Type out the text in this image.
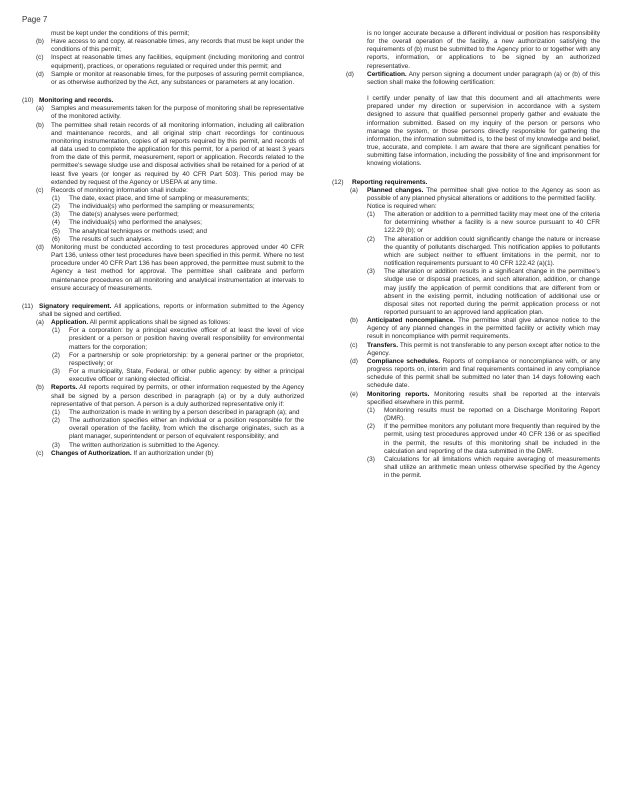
Page 7
must be kept under the conditions of this permit;
(b) Have access to and copy, at reasonable times, any records that must be kept under the conditions of this permit;
(c) Inspect at reasonable times any facilities, equipment (including monitoring and control equipment), practices, or operations regulated or required under this permit; and
(d) Sample or monitor at reasonable times, for the purposes of assuring permit compliance, or as otherwise authorized by the Act, any substances or parameters at any location.
(10) Monitoring and records.
(a) Samples and measurements taken for the purpose of monitoring shall be representative of the monitored activity.
(b) The permittee shall retain records of all monitoring information, including all calibration and maintenance records, and all original strip chart recordings for continuous monitoring instrumentation, copies of all reports required by this permit, and records of all data used to complete the application for this permit, for a period of at least 3 years from the date of this permit, measurement, report or application. Records related to the permittee's sewage sludge use and disposal activities shall be retained for a period of at least five years (or longer as required by 40 CFR Part 503). This period may be extended by request of the Agency or USEPA at any time.
(c) Records of monitoring information shall include:
(1) The date, exact place, and time of sampling or measurements;
(2) The individual(s) who performed the sampling or measurements;
(3) The date(s) analyses were performed;
(4) The individual(s) who performed the analyses;
(5) The analytical techniques or methods used; and
(6) The results of such analyses.
(d) Monitoring must be conducted according to test procedures approved under 40 CFR Part 136, unless other test procedures have been specified in this permit. Where no test procedure under 40 CFR Part 136 has been approved, the permittee must submit to the Agency a test method for approval. The permittee shall calibrate and perform maintenance procedures on all monitoring and analytical instrumentation at intervals to ensure accuracy of measurements.
(11) Signatory requirement. All applications, reports or information submitted to the Agency shall be signed and certified.
(a) Application. All permit applications shall be signed as follows:
(1) For a corporation: by a principal executive officer of at least the level of vice president or a person or position having overall responsibility for environmental matters for the corporation;
(2) For a partnership or sole proprietorship: by a general partner or the proprietor, respectively; or
(3) For a municipality, State, Federal, or other public agency: by either a principal executive officer or ranking elected official.
(b) Reports. All reports required by permits, or other information requested by the Agency shall be signed by a person described in paragraph (a) or by a duly authorized representative of that person. A person is a duly authorized representative only if:
(1) The authorization is made in writing by a person described in paragraph (a); and
(2) The authorization specifies either an individual or a position responsible for the overall operation of the facility, from which the discharge originates, such as a plant manager, superintendent or person of equivalent responsibility; and
(3) The written authorization is submitted to the Agency.
(c) Changes of Authorization. If an authorization under (b)
is no longer accurate because a different individual or position has responsibility for the overall operation of the facility, a new authorization satisfying the requirements of (b) must be submitted to the Agency prior to or together with any reports, information, or applications to be signed by an authorized representative.
(d) Certification. Any person signing a document under paragraph (a) or (b) of this section shall make the following certification:
I certify under penalty of law that this document and all attachments were prepared under my direction or supervision in accordance with a system designed to assure that qualified personnel properly gather and evaluate the information submitted. Based on my inquiry of the person or persons who manage the system, or those persons directly responsible for gathering the information, the information submitted is, to the best of my knowledge and belief, true, accurate, and complete. I am aware that there are significant penalties for submitting false information, including the possibility of fine and imprisonment for knowing violations.
(12) Reporting requirements.
(a) Planned changes. The permittee shall give notice to the Agency as soon as possible of any planned physical alterations or additions to the permitted facility.
Notice is required when:
(1) The alteration or addition to a permitted facility may meet one of the criteria for determining whether a facility is a new source pursuant to 40 CFR 122.29 (b); or
(2) The alteration or addition could significantly change the nature or increase the quantity of pollutants discharged. This notification applies to pollutants which are subject neither to effluent limitations in the permit, nor to notification requirements pursuant to 40 CFR 122.42 (a)(1).
(3) The alteration or addition results in a significant change in the permittee's sludge use or disposal practices, and such alteration, addition, or change may justify the application of permit conditions that are different from or absent in the existing permit, including notification of additional use or disposal sites not reported during the permit application process or not reported pursuant to an approved land application plan.
(b) Anticipated noncompliance. The permittee shall give advance notice to the Agency of any planned changes in the permitted facility or activity which may result in noncompliance with permit requirements.
(c) Transfers. This permit is not transferable to any person except after notice to the Agency.
(d) Compliance schedules. Reports of compliance or noncompliance with, or any progress reports on, interim and final requirements contained in any compliance schedule of this permit shall be submitted no later than 14 days following each schedule date.
(e) Monitoring reports. Monitoring results shall be reported at the intervals specified elsewhere in this permit.
(1) Monitoring results must be reported on a Discharge Monitoring Report (DMR).
(2) If the permittee monitors any pollutant more frequently than required by the permit, using test procedures approved under 40 CFR 136 or as specified in the permit, the results of this monitoring shall be included in the calculation and reporting of the data submitted in the DMR.
(3) Calculations for all limitations which require averaging of measurements shall utilize an arithmetic mean unless otherwise specified by the Agency in the permit.
